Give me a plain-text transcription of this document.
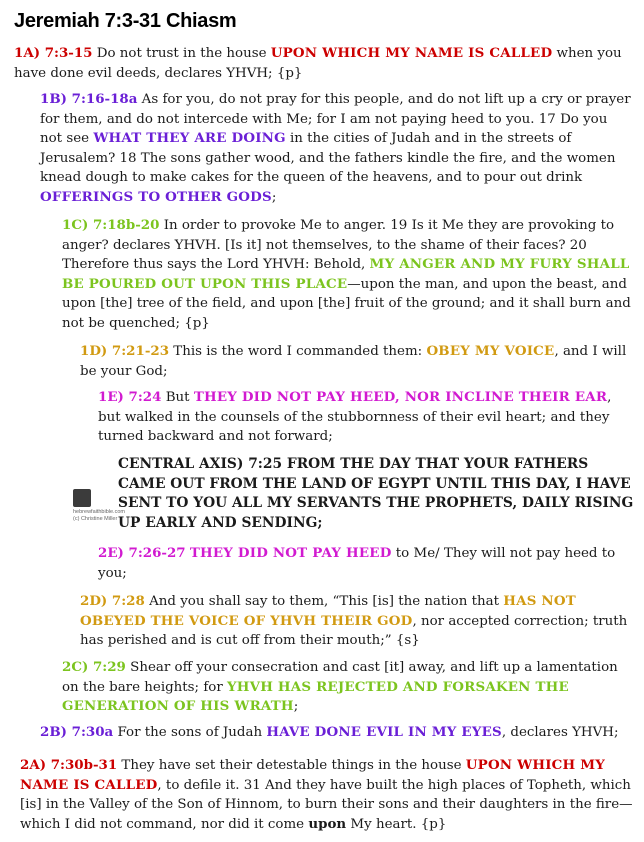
Jeremiah 7:3-31 Chiasm
1A) 7:3-15 Do not trust in the house UPON WHICH MY NAME IS CALLED when you have done evil deeds, declares YHVH; {p}
1B) 7:16-18a As for you, do not pray for this people, and do not lift up a cry or prayer for them, and do not intercede with Me; for I am not paying heed to you. 17 Do you not see WHAT THEY ARE DOING in the cities of Judah and in the streets of Jerusalem? 18 The sons gather wood, and the fathers kindle the fire, and the women knead dough to make cakes for the queen of the heavens, and to pour out drink OFFERINGS TO OTHER GODS;
1C) 7:18b-20 In order to provoke Me to anger. 19 Is it Me they are provoking to anger? declares YHVH. [Is it] not themselves, to the shame of their faces? 20 Therefore thus says the Lord YHVH: Behold, MY ANGER AND MY FURY SHALL BE POURED OUT UPON THIS PLACE—upon the man, and upon the beast, and upon [the] tree of the field, and upon [the] fruit of the ground; and it shall burn and not be quenched; {p}
1D) 7:21-23 This is the word I commanded them: OBEY MY VOICE, and I will be your God;
1E) 7:24 But THEY DID NOT PAY HEED, NOR INCLINE THEIR EAR, but walked in the counsels of the stubbornness of their evil heart; and they turned backward and not forward;
CENTRAL AXIS) 7:25 FROM THE DAY THAT YOUR FATHERS CAME OUT FROM THE LAND OF EGYPT UNTIL THIS DAY, I HAVE SENT TO YOU ALL MY SERVANTS THE PROPHETS, DAILY RISING UP EARLY AND SENDING;
hebrewfaithbible.com
(c) Christine Miller
2E) 7:26-27 THEY DID NOT PAY HEED to Me/ They will not pay heed to you;
2D) 7:28 And you shall say to them, “This [is] the nation that HAS NOT OBEYED THE VOICE OF YHVH THEIR GOD, nor accepted correction; truth has perished and is cut off from their mouth;” {s}
2C) 7:29 Shear off your consecration and cast [it] away, and lift up a lamentation on the bare heights; for YHVH HAS REJECTED AND FORSAKEN THE GENERATION OF HIS WRATH;
2B) 7:30a For the sons of Judah HAVE DONE EVIL IN MY EYES, declares YHVH;
2A) 7:30b-31 They have set their detestable things in the house UPON WHICH MY NAME IS CALLED, to defile it. 31 And they have built the high places of Topheth, which [is] in the Valley of the Son of Hinnom, to burn their sons and their daughters in the fire—which I did not command, nor did it come upon My heart. {p}
